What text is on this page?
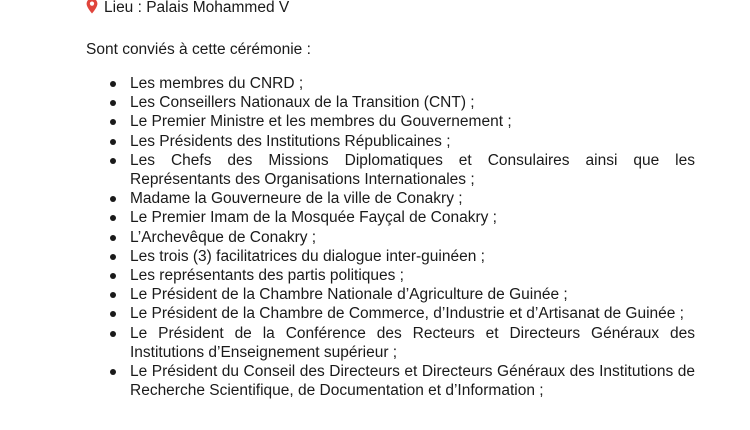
Lieu : Palais Mohammed V
Sont conviés à cette cérémonie :
Les membres du CNRD ;
Les Conseillers Nationaux de la Transition (CNT) ;
Le Premier Ministre et les membres du Gouvernement ;
Les Présidents des Institutions Républicaines ;
Les Chefs des Missions Diplomatiques et Consulaires ainsi que les Représentants des Organisations Internationales ;
Madame la Gouverneure de la ville de Conakry ;
Le Premier Imam de la Mosquée Fayçal de Conakry ;
L’Archevêque de Conakry ;
Les trois (3) facilitatrices du dialogue inter-guinéen ;
Les représentants des partis politiques ;
Le Président de la Chambre Nationale d’Agriculture de Guinée ;
Le Président de la Chambre de Commerce, d’Industrie et d’Artisanat de Guinée ;
Le Président de la Conférence des Recteurs et Directeurs Généraux des Institutions d’Enseignement supérieur ;
Le Président du Conseil des Directeurs et Directeurs Généraux des Institutions de Recherche Scientifique, de Documentation et d’Information ;
